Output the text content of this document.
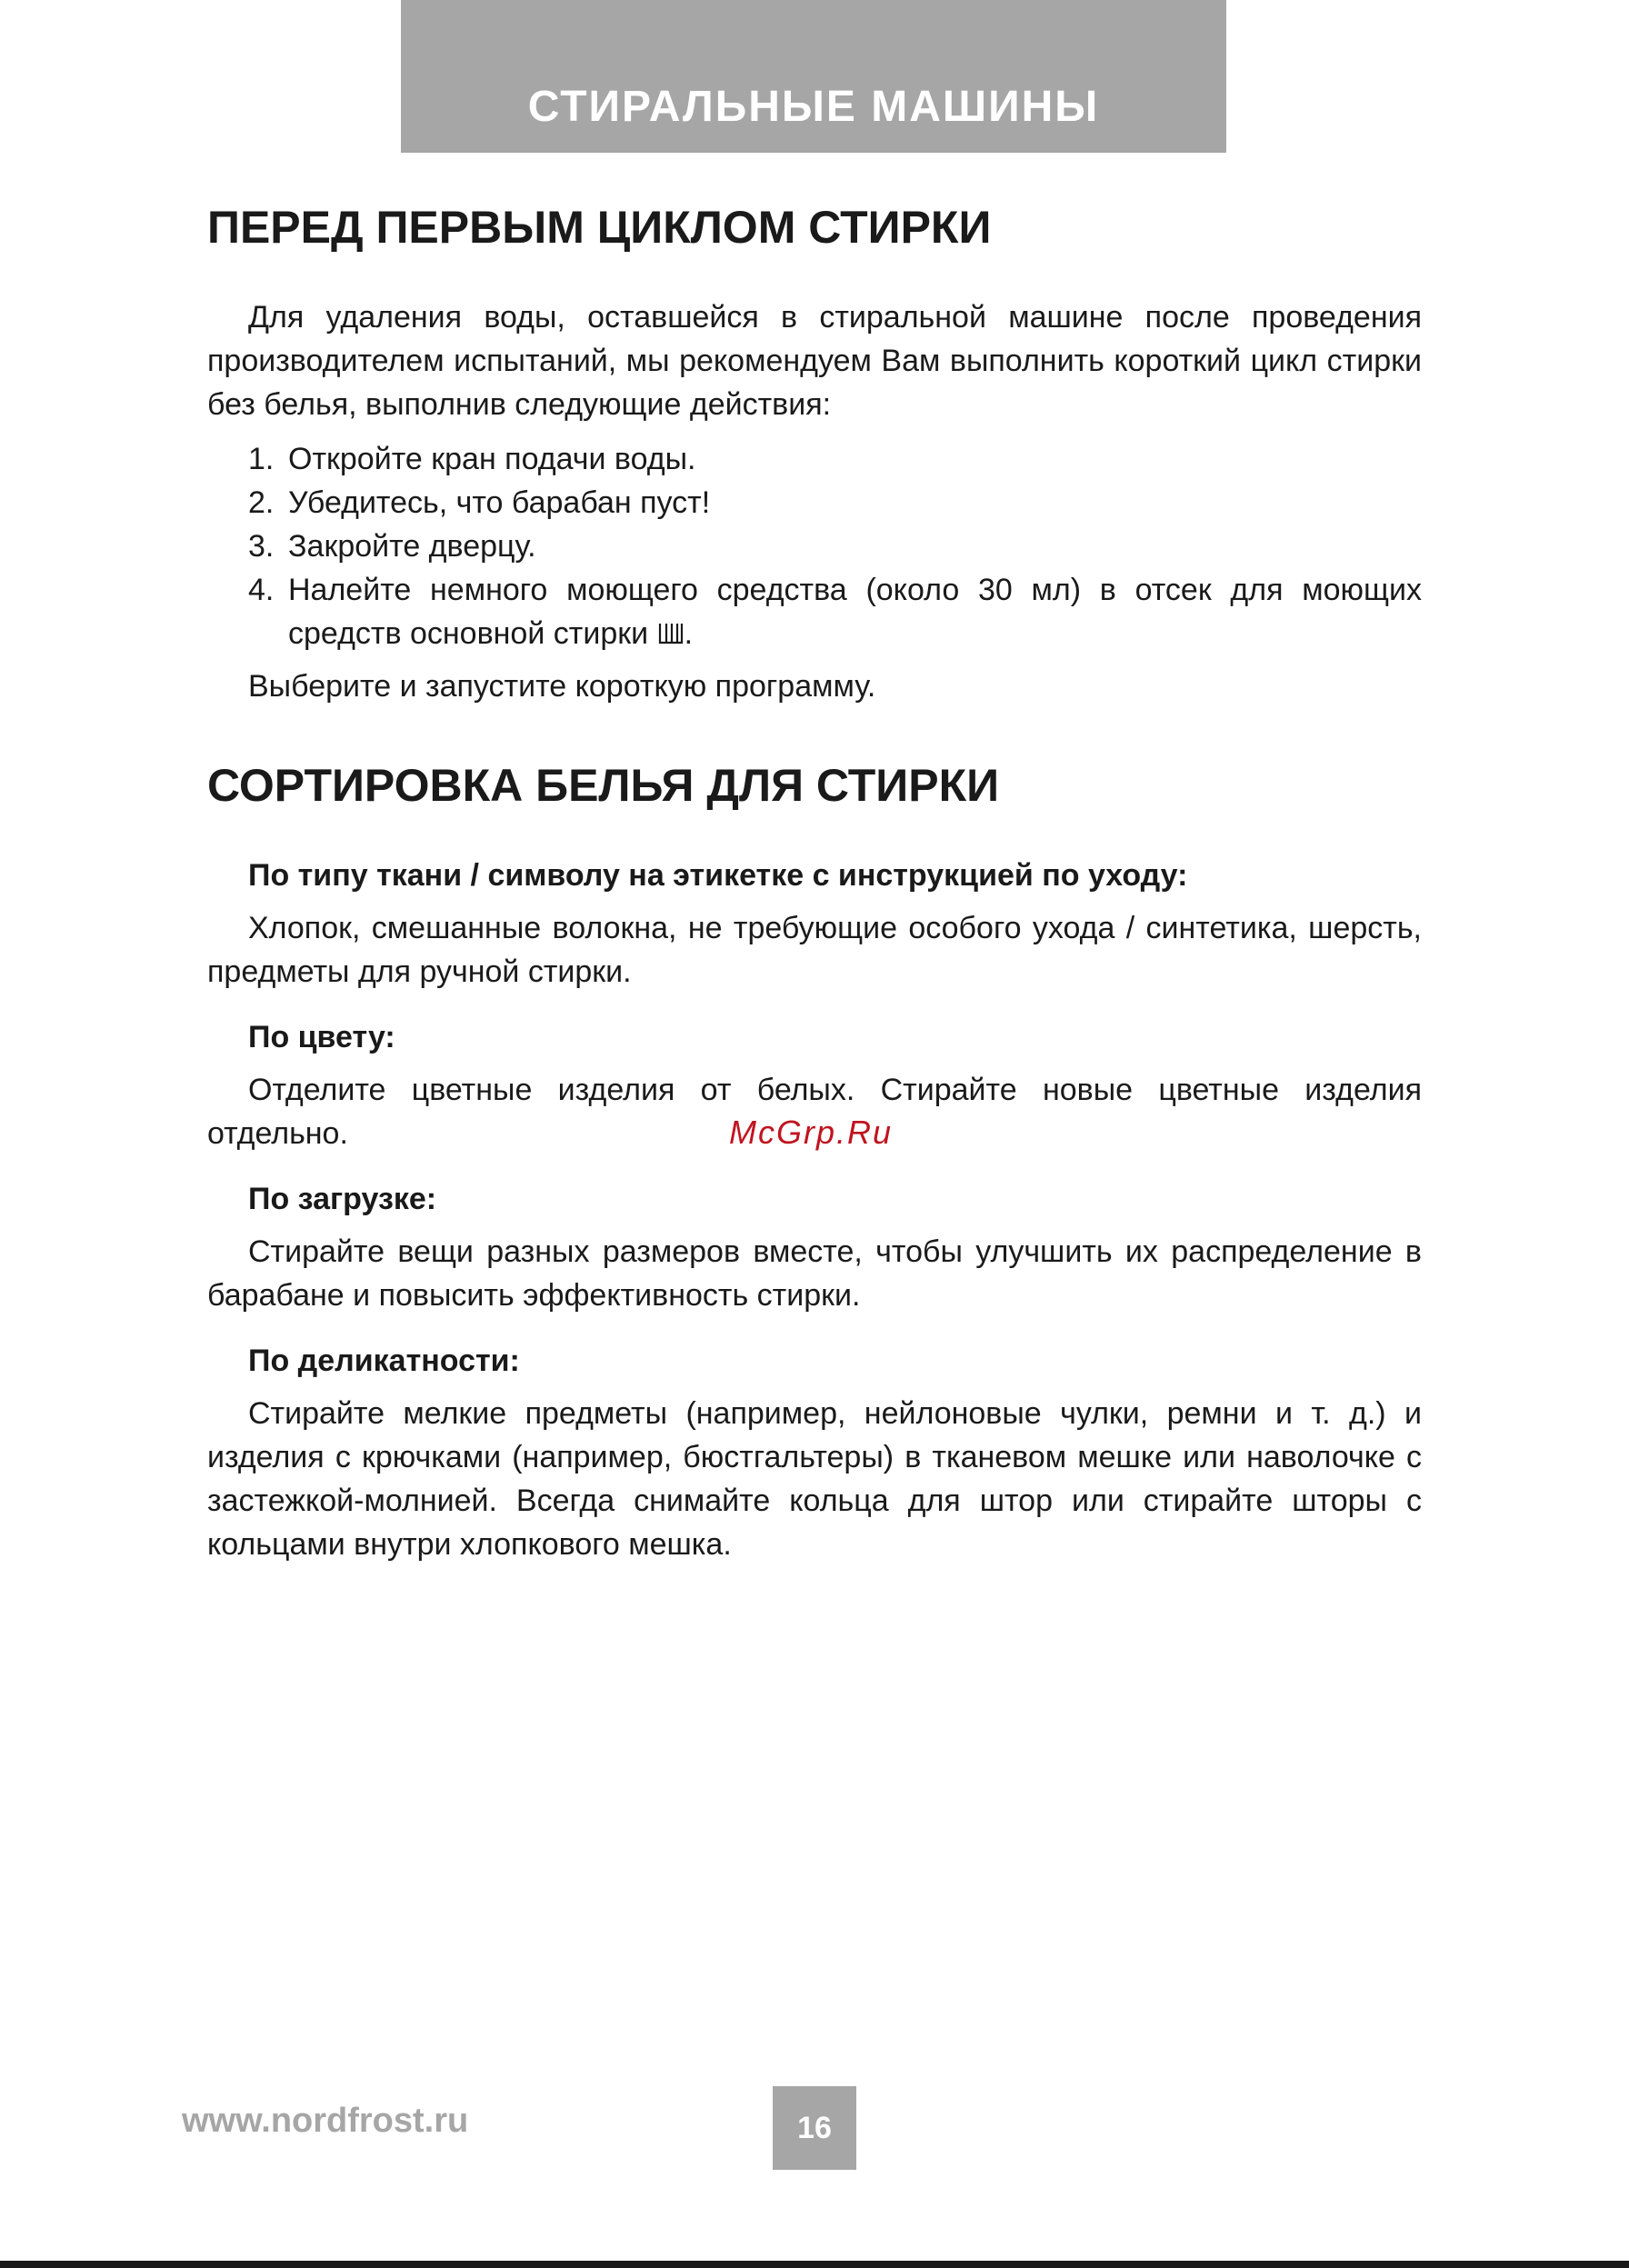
СТИРАЛЬНЫЕ МАШИНЫ
ПЕРЕД ПЕРВЫМ ЦИКЛОМ СТИРКИ

Для удаления воды, оставшейся в стиральной машине после проведения производителем испытаний, мы рекомендуем Вам выполнить короткий цикл стирки без белья, выполнив следующие действия:

1. Откройте кран подачи воды.
2. Убедитесь, что барабан пуст!
3. Закройте дверцу.
4. Налейте немного моющего средства (около 30 мл) в отсек для моющих средств основной стирки .

Выберите и запустите короткую программу.

СОРТИРОВКА БЕЛЬЯ ДЛЯ СТИРКИ

По типу ткани / символу на этикетке с инструкцией по уходу:

Хлопок, смешанные волокна, не требующие особого ухода / синтетика, шерсть, предметы для ручной стирки.

По цвету:

Отделите цветные изделия от белых. Стирайте новые цветные изделия отдельно.

По загрузке:

Стирайте вещи разных размеров вместе, чтобы улучшить их распределение в барабане и повысить эффективность стирки.

По деликатности:

Стирайте мелкие предметы (например, нейлоновые чулки, ремни и т. д.) и изделия с крючками (например, бюстгальтеры) в тканевом мешке или наволочке с застежкой-молнией. Всегда снимайте кольца для штор или стирайте шторы с кольцами внутри хлопкового мешка.

McGrp.Ru
www.nordfrost.ru	16
